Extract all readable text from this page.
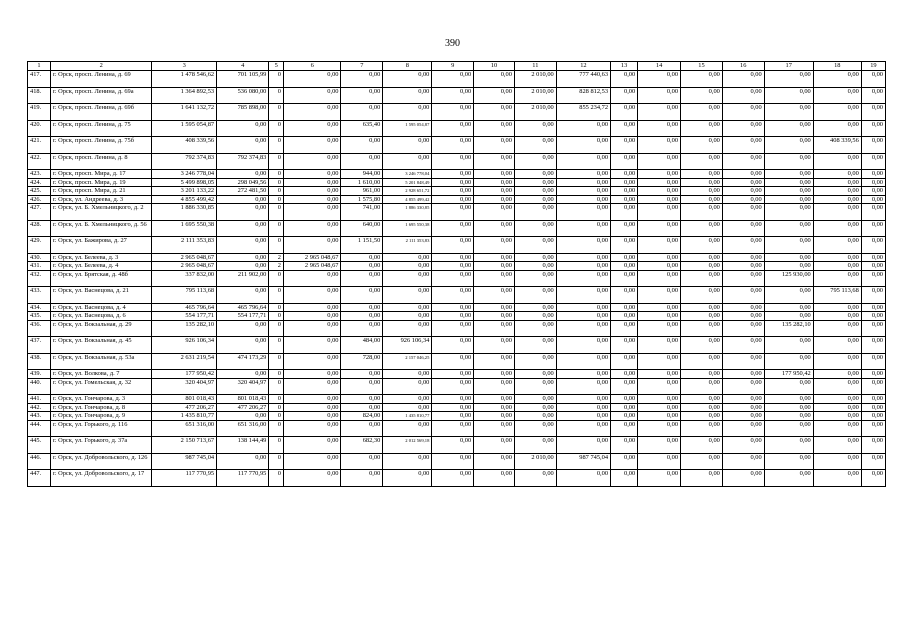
390
1	2	3	4	5	6	7	8	9	10	11	12	13	14	15	16	17	18	19
417.	г. Орск, просп. Ленина, д. 69	1 478 546,62	701 105,99	0	0,00	0,00	0,00	0,00	0,00	2 010,00	777 440,63	0,00	0,00	0,00	0,00	0,00	0,00	0,00
418.	г. Орск, просп. Ленина, д. 69а	1 364 892,53	536 080,00	0	0,00	0,00	0,00	0,00	0,00	2 010,00	828 812,53	0,00	0,00	0,00	0,00	0,00	0,00	0,00
419.	г. Орск, просп. Ленина, д. 69б	1 641 132,72	785 898,00	0	0,00	0,00	0,00	0,00	0,00	2 010,00	855 234,72	0,00	0,00	0,00	0,00	0,00	0,00	0,00
420.	г. Орск, просп. Ленина, д. 75	1 595 054,87	0,00	0	0,00	635,40	1 595 054,87	0,00	0,00	0,00	0,00	0,00	0,00	0,00	0,00	0,00	0,00	0,00
421.	г. Орск, просп. Ленина, д. 75б	408 339,56	0,00	0	0,00	0,00	0,00	0,00	0,00	0,00	0,00	0,00	0,00	0,00	0,00	0,00	408 339,56	0,00
422.	г. Орск, просп. Ленина, д. 8	792 374,83	792 374,83	0	0,00	0,00	0,00	0,00	0,00	0,00	0,00	0,00	0,00	0,00	0,00	0,00	0,00	0,00
423.	г. Орск, просп. Мира, д. 17	3 246 778,04	0,00	0	0,00	944,00	3 246 778,04	0,00	0,00	0,00	0,00	0,00	0,00	0,00	0,00	0,00	0,00	0,00
424.	г. Орск, просп. Мира, д. 19	5 499 898,05	298 049,56	0	0,00	1 610,00	5 201 848,49	0,00	0,00	0,00	0,00	0,00	0,00	0,00	0,00	0,00	0,00	0,00
425.	г. Орск, просп. Мира, д. 21	3 201 133,22	272 481,50	0	0,00	961,00	2 928 651,72	0,00	0,00	0,00	0,00	0,00	0,00	0,00	0,00	0,00	0,00	0,00
426.	г. Орск, ул. Андреева, д. 3	4 855 499,42	0,00	0	0,00	1 575,80	4 855 499,42	0,00	0,00	0,00	0,00	0,00	0,00	0,00	0,00	0,00	0,00	0,00
427.	г. Орск, ул. Б. Хмельницкого, д. 2	1 886 330,85	0,00	0	0,00	741,00	1 886 330,85	0,00	0,00	0,00	0,00	0,00	0,00	0,00	0,00	0,00	0,00	0,00
428.	г. Орск, ул. Б. Хмельницкого, д. 56	1 695 550,38	0,00	0	0,00	640,00	1 695 550,38	0,00	0,00	0,00	0,00	0,00	0,00	0,00	0,00	0,00	0,00	0,00
429.	г. Орск, ул. Бажирова, д. 27	2 111 353,83	0,00	0	0,00	1 151,50	2 111 353,83	0,00	0,00	0,00	0,00	0,00	0,00	0,00	0,00	0,00	0,00	0,00
430.	г. Орск, ул. Белеева, д. 3	2 965 048,67	0,00	2	2 965 048,67	0,00	0,00	0,00	0,00	0,00	0,00	0,00	0,00	0,00	0,00	0,00	0,00	0,00
431.	г. Орск, ул. Белеева, д. 4	2 965 048,67	0,00	2	2 965 048,67	0,00	0,00	0,00	0,00	0,00	0,00	0,00	0,00	0,00	0,00	0,00	0,00	0,00
432.	г. Орск, ул. Брятская, д. 48б	337 832,00	211 902,00	0	0,00	0,00	0,00	0,00	0,00	0,00	0,00	0,00	0,00	0,00	0,00	125 930,00	0,00	0,00
433.	г. Орск, ул. Васнецова, д. 21	795 113,68	0,00	0	0,00	0,00	0,00	0,00	0,00	0,00	0,00	0,00	0,00	0,00	0,00	0,00	795 113,68	0,00
434.	г. Орск, ул. Васнецова, д. 4	465 796,64	465 796,64	0	0,00	0,00	0,00	0,00	0,00	0,00	0,00	0,00	0,00	0,00	0,00	0,00	0,00	0,00
435.	г. Орск, ул. Васнецова, д. 6	554 177,71	554 177,71	0	0,00	0,00	0,00	0,00	0,00	0,00	0,00	0,00	0,00	0,00	0,00	0,00	0,00	0,00
436.	г. Орск, ул. Вокзальная, д. 29	135 282,10	0,00	0	0,00	0,00	0,00	0,00	0,00	0,00	0,00	0,00	0,00	0,00	0,00	135 282,10	0,00	0,00
437.	г. Орск, ул. Вокзальная, д. 45	926 106,34	0,00	0	0,00	484,00	926 106,34	0,00	0,00	0,00	0,00	0,00	0,00	0,00	0,00	0,00	0,00	0,00
438.	г. Орск, ул. Вокзальная, д. 53а	2 631 219,54	474 173,29	0	0,00	728,00	2 157 046,25	0,00	0,00	0,00	0,00	0,00	0,00	0,00	0,00	0,00	0,00	0,00
439.	г. Орск, ул. Волкова, д. 7	177 950,42	0,00	0	0,00	0,00	0,00	0,00	0,00	0,00	0,00	0,00	0,00	0,00	0,00	177 950,42	0,00	0,00
440.	г. Орск, ул. Гомельская, д. 32	320 404,97	320 404,97	0	0,00	0,00	0,00	0,00	0,00	0,00	0,00	0,00	0,00	0,00	0,00	0,00	0,00	0,00
441.	г. Орск, ул. Гончарова, д. 3	801 018,43	801 018,43	0	0,00	0,00	0,00	0,00	0,00	0,00	0,00	0,00	0,00	0,00	0,00	0,00	0,00	0,00
442.	г. Орск, ул. Гончарова, д. 8	477 206,27	477 206,27	0	0,00	0,00	0,00	0,00	0,00	0,00	0,00	0,00	0,00	0,00	0,00	0,00	0,00	0,00
443.	г. Орск, ул. Гончарова, д. 9	1 435 810,77	0,00	0	0,00	824,00	1 435 810,77	0,00	0,00	0,00	0,00	0,00	0,00	0,00	0,00	0,00	0,00	0,00
444.	г. Орск, ул. Горького, д. 116	651 316,00	651 316,00	0	0,00	0,00	0,00	0,00	0,00	0,00	0,00	0,00	0,00	0,00	0,00	0,00	0,00	0,00
445.	г. Орск, ул. Горького, д. 37а	2 150 713,67	138 144,49	0	0,00	682,30	2 012 569,18	0,00	0,00	0,00	0,00	0,00	0,00	0,00	0,00	0,00	0,00	0,00
446.	г. Орск, ул. Добровольского, д. 126	987 745,04	0,00	0	0,00	0,00	0,00	0,00	0,00	2 010,00	987 745,04	0,00	0,00	0,00	0,00	0,00	0,00	0,00
447.	г. Орск, ул. Добровольского, д. 17	117 770,95	117 770,95	0	0,00	0,00	0,00	0,00	0,00	0,00	0,00	0,00	0,00	0,00	0,00	0,00	0,00	0,00
